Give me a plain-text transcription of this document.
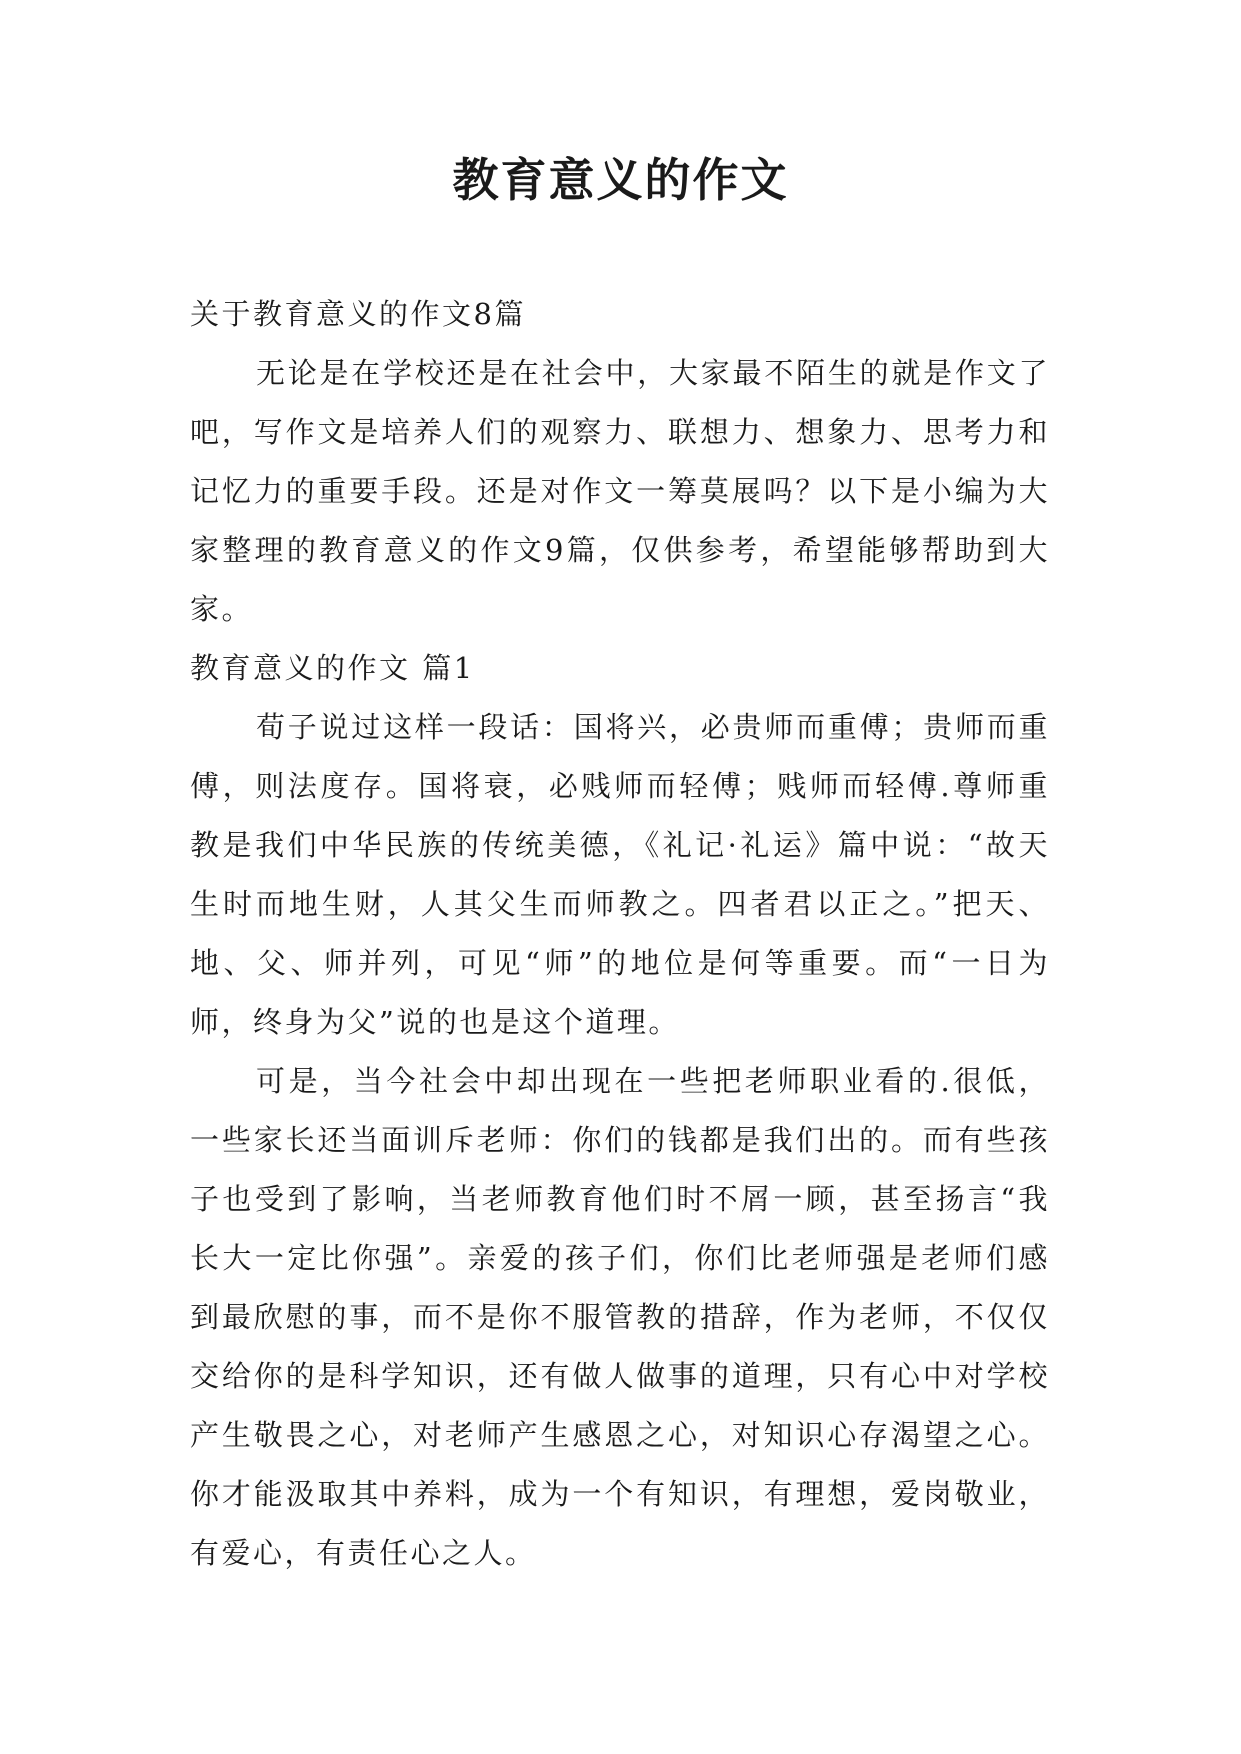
教育意义的作文

关于教育意义的作文8篇

无论是在学校还是在社会中，大家最不陌生的就是作文了吧，写作文是培养人们的观察力、联想力、想象力、思考力和记忆力的重要手段。还是对作文一筹莫展吗？以下是小编为大家整理的教育意义的作文9篇，仅供参考，希望能够帮助到大家。

教育意义的作文 篇1

荀子说过这样一段话：国将兴，必贵师而重傅；贵师而重傅，则法度存。国将衰，必贱师而轻傅；贱师而轻傅.尊师重教是我们中华民族的传统美德，《礼记·礼运》篇中说：“故天生时而地生财，人其父生而师教之。四者君以正之。”把天、地、父、师并列，可见“师”的地位是何等重要。而“一日为师，终身为父”说的也是这个道理。

可是，当今社会中却出现在一些把老师职业看的.很低，一些家长还当面训斥老师：你们的钱都是我们出的。而有些孩子也受到了影响，当老师教育他们时不屑一顾，甚至扬言“我长大一定比你强”。亲爱的孩子们，你们比老师强是老师们感到最欣慰的事，而不是你不服管教的措辞，作为老师，不仅仅交给你的是科学知识，还有做人做事的道理，只有心中对学校产生敬畏之心，对老师产生感恩之心，对知识心存渴望之心。你才能汲取其中养料，成为一个有知识，有理想，爱岗敬业，有爱心，有责任心之人。
